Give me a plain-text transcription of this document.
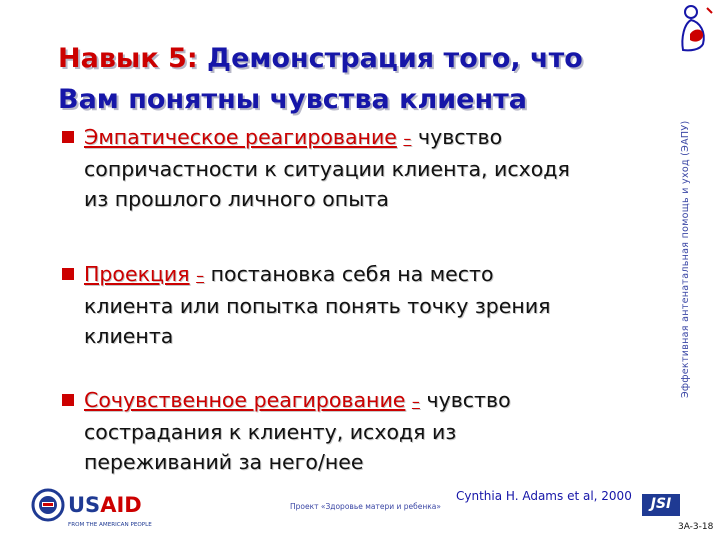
Навык 5: Демонстрация того, что
Вам понятны чувства клиента
Эмпатическое реагирование – чувство
сопричастности к ситуации клиента, исходя
из прошлого личного опыта
Проекция – постановка себя на место
клиента или попытка понять точку зрения
клиента
Сочувственное реагирование – чувство
сострадания к клиенту, исходя из
переживаний за него/нее
Эффективная антенатальная помощь и уход (ЭАПУ)
USAID
FROM THE AMERICAN PEOPLE
Проект «Здоровье матери и ребенка»
Cynthia H. Adams et al, 2000	JSI
3A-3-18
